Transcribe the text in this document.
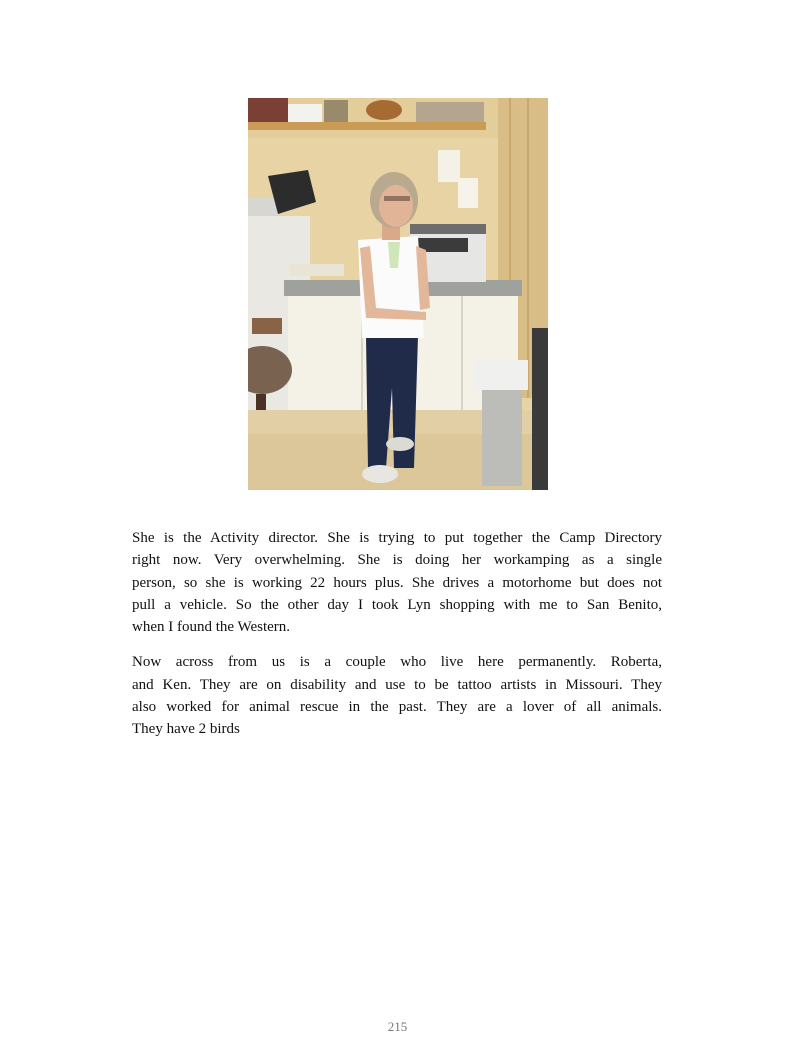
She is the Activity director. She is trying to put together the Camp Directory
right now. Very overwhelming. She is doing her workamping as a single
person, so she is working 22 hours plus. She drives a motorhome but does not
pull a vehicle. So the other day I took Lyn shopping with me to San Benito,
when I found the Western.

Now across from us is a couple who live here permanently. Roberta,
and Ken. They are on disability and use to be tattoo artists in Missouri. They
also worked for animal rescue in the past. They are a lover of all animals.
They have 2 birds

215
